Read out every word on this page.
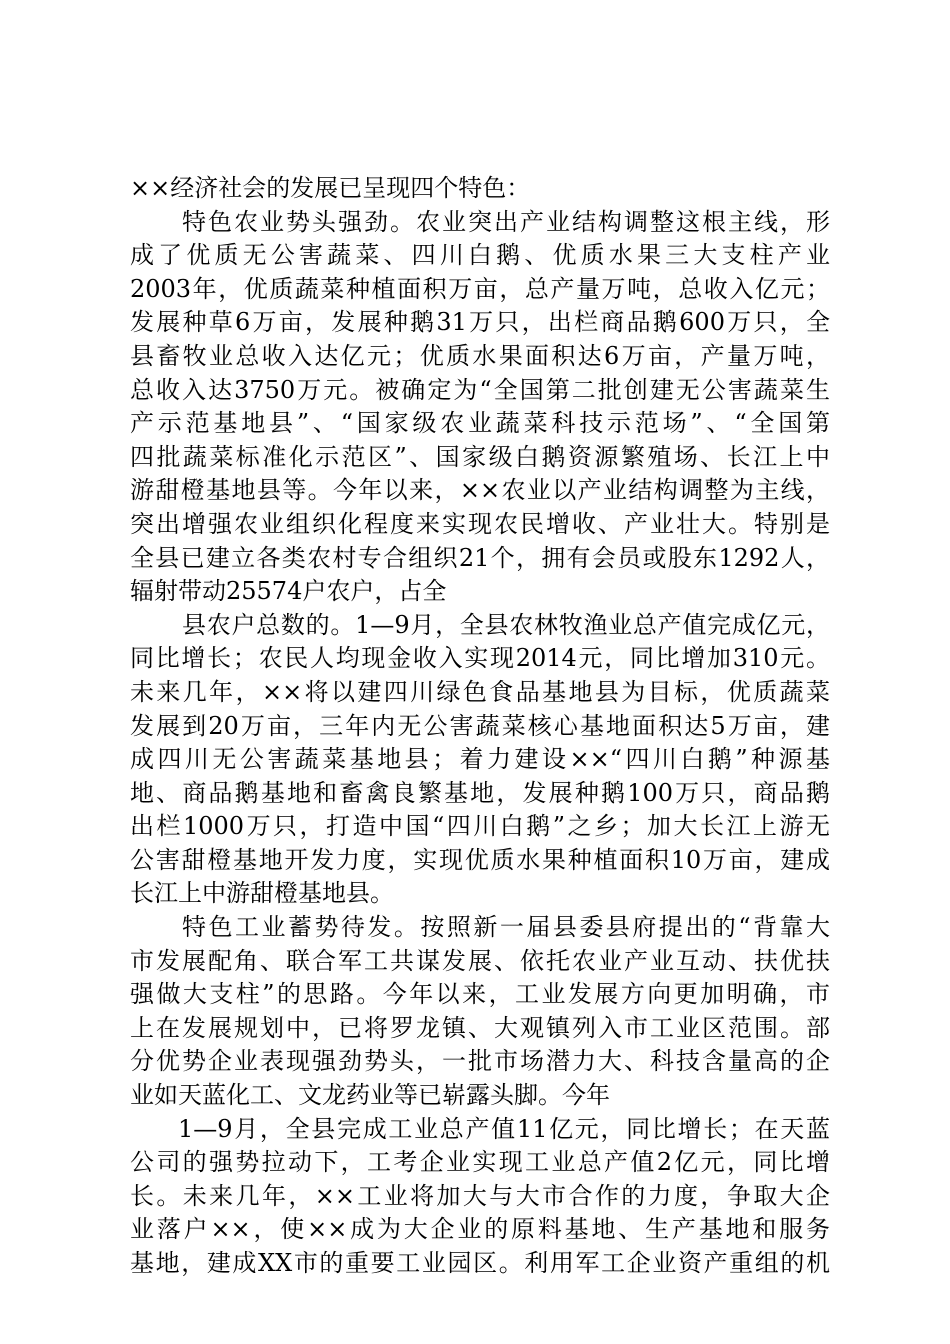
××经济社会的发展已呈现四个特色：
特色农业势头强劲。农业突出产业结构调整这根主线，形
成了优质无公害蔬菜、四川白鹅、优质水果三大支柱产业
2003年，优质蔬菜种植面积万亩，总产量万吨，总收入亿元；
发展种草6万亩，发展种鹅31万只，出栏商品鹅600万只，全
县畜牧业总收入达亿元；优质水果面积达6万亩，产量万吨，
总收入达3750万元。被确定为“全国第二批创建无公害蔬菜生
产示范基地县”、“国家级农业蔬菜科技示范场”、“全国第
四批蔬菜标准化示范区”、国家级白鹅资源繁殖场、长江上中
游甜橙基地县等。今年以来，××农业以产业结构调整为主线，
突出增强农业组织化程度来实现农民增收、产业壮大。特别是
全县已建立各类农村专合组织21个，拥有会员或股东1292人，
辐射带动25574户农户，占全
县农户总数的。1—9月，全县农林牧渔业总产值完成亿元，
同比增长；农民人均现金收入实现2014元，同比增加310元。
未来几年，××将以建四川绿色食品基地县为目标，优质蔬菜
发展到20万亩，三年内无公害蔬菜核心基地面积达5万亩，建
成四川无公害蔬菜基地县；着力建设××“四川白鹅”种源基
地、商品鹅基地和畜禽良繁基地，发展种鹅100万只，商品鹅
出栏1000万只，打造中国“四川白鹅”之乡；加大长江上游无
公害甜橙基地开发力度，实现优质水果种植面积10万亩，建成
长江上中游甜橙基地县。
特色工业蓄势待发。按照新一届县委县府提出的“背靠大
市发展配角、联合军工共谋发展、依托农业产业互动、扶优扶
强做大支柱”的思路。今年以来，工业发展方向更加明确，市
上在发展规划中，已将罗龙镇、大观镇列入市工业区范围。部
分优势企业表现强劲势头，一批市场潜力大、科技含量高的企
业如天蓝化工、文龙药业等已崭露头脚。今年
1—9月，全县完成工业总产值11亿元，同比增长；在天蓝
公司的强势拉动下，工考企业实现工业总产值2亿元，同比增
长。未来几年，××工业将加大与大市合作的力度，争取大企
业落户××，使××成为大企业的原料基地、生产基地和服务
基地，建成XX市的重要工业园区。利用军工企业资产重组的机
